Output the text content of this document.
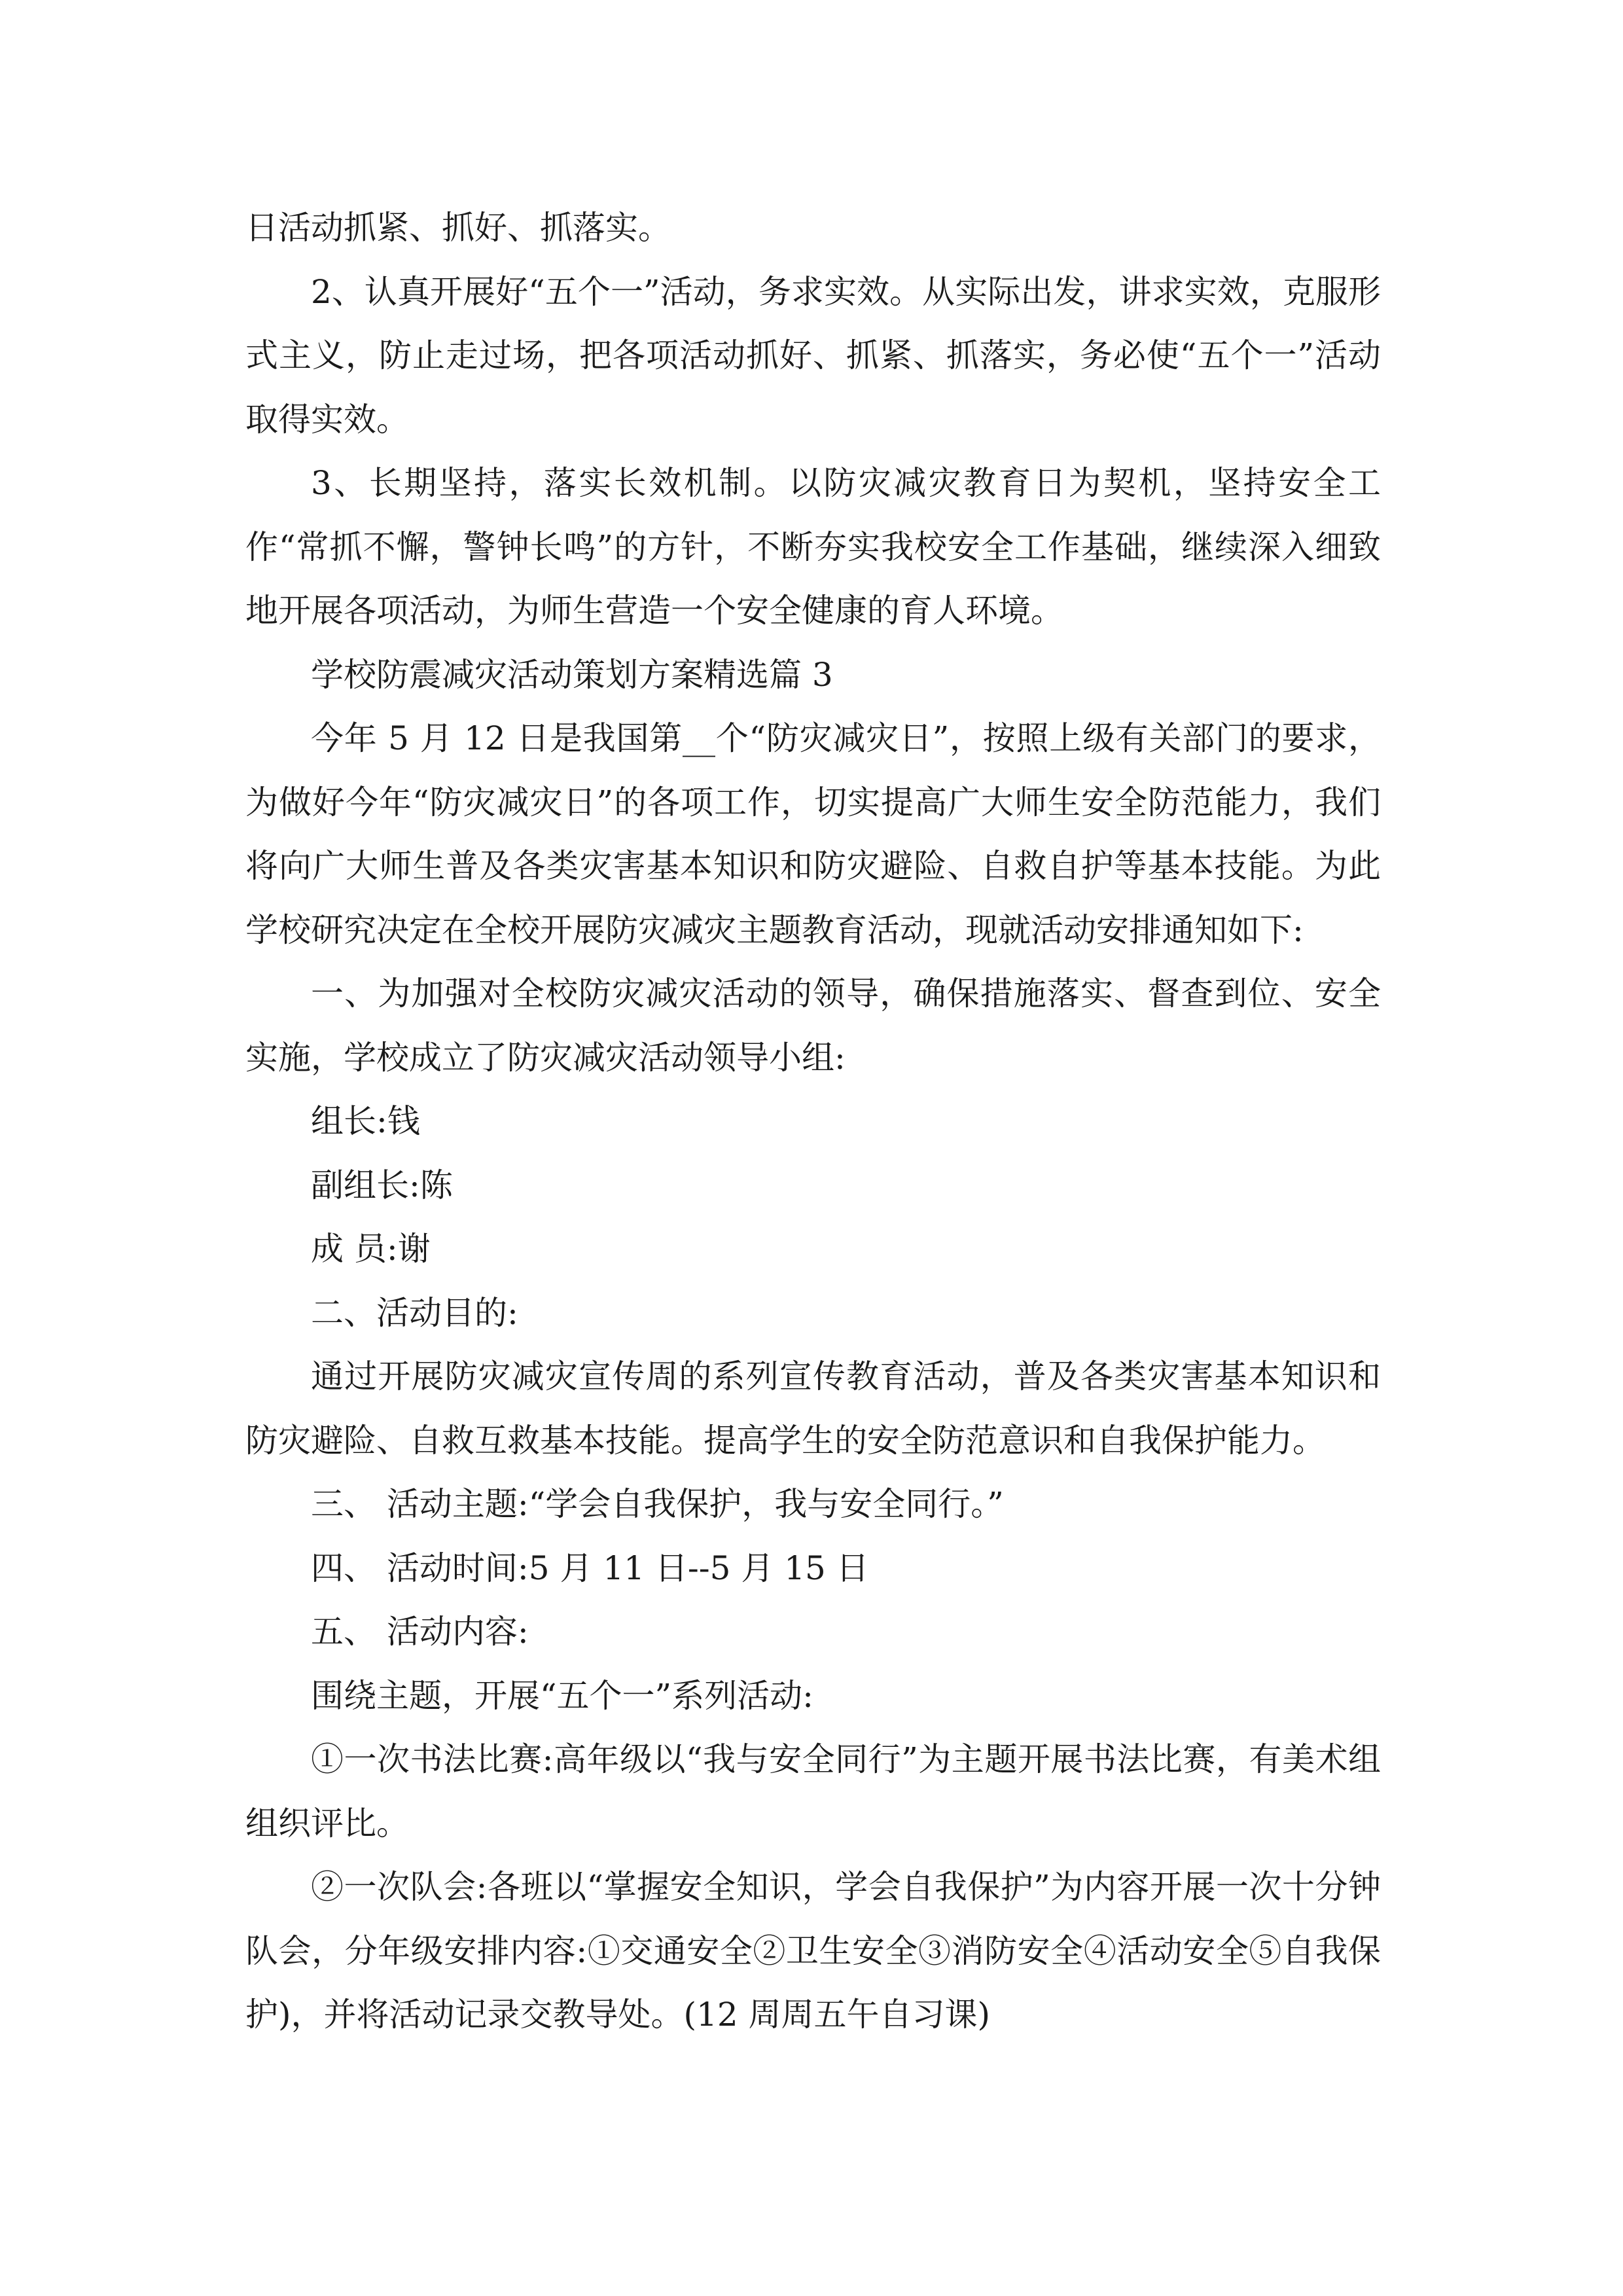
日活动抓紧、抓好、抓落实。

2、认真开展好“五个一”活动，务求实效。从实际出发，讲求实效，克服形式主义，防止走过场，把各项活动抓好、抓紧、抓落实，务必使“五个一”活动取得实效。

3、长期坚持，落实长效机制。以防灾减灾教育日为契机，坚持安全工作“常抓不懈，警钟长鸣”的方针，不断夯实我校安全工作基础，继续深入细致地开展各项活动，为师生营造一个安全健康的育人环境。

学校防震减灾活动策划方案精选篇 3

今年 5 月 12 日是我国第__个“防灾减灾日”，按照上级有关部门的要求，为做好今年“防灾减灾日”的各项工作，切实提高广大师生安全防范能力，我们将向广大师生普及各类灾害基本知识和防灾避险、自救自护等基本技能。为此学校研究决定在全校开展防灾减灾主题教育活动，现就活动安排通知如下:

一、为加强对全校防灾减灾活动的领导，确保措施落实、督查到位、安全实施，学校成立了防灾减灾活动领导小组:

组长:钱

副组长:陈

成 员:谢

二、活动目的:

通过开展防灾减灾宣传周的系列宣传教育活动，普及各类灾害基本知识和防灾避险、自救互救基本技能。提高学生的安全防范意识和自我保护能力。

三、 活动主题:“学会自我保护，我与安全同行。”

四、 活动时间:5 月 11 日--5 月 15 日

五、 活动内容:

围绕主题，开展“五个一”系列活动:

①一次书法比赛:高年级以“我与安全同行”为主题开展书法比赛，有美术组组织评比。

②一次队会:各班以“掌握安全知识，学会自我保护”为内容开展一次十分钟队会，分年级安排内容:①交通安全②卫生安全③消防安全④活动安全⑤自我保护)，并将活动记录交教导处。(12 周周五午自习课)
